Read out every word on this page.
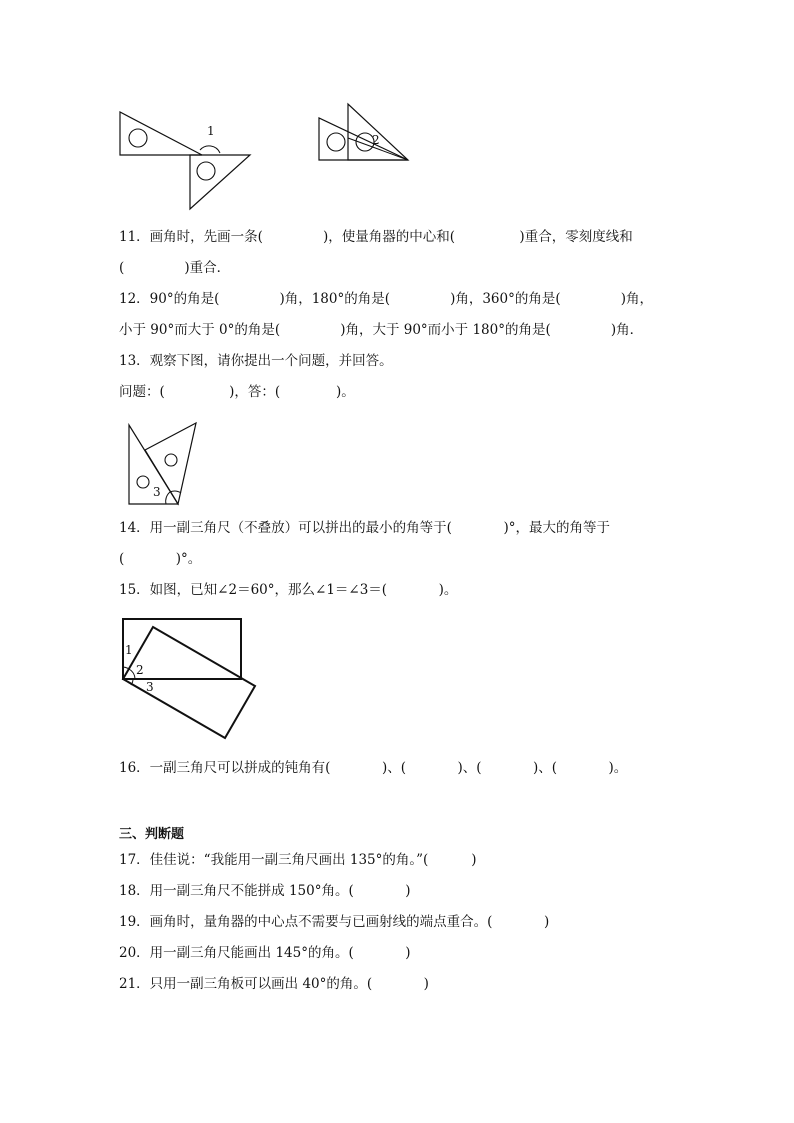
1
2
3
1
2
3
11．画角时，先画一条(              )，使量角器的中心和(               )重合，零刻度线和
(              )重合．
12．90°的角是(              )角，180°的角是(              )角，360°的角是(              )角，
小于 90°而大于 0°的角是(              )角，大于 90°而小于 180°的角是(              )角．
13．观察下图，请你提出一个问题，并回答。
问题：(               )，答：(             )。
14．用一副三角尺（不叠放）可以拼出的最小的角等于(            )°，最大的角等于
(            )°。
15．如图，已知∠2＝60°，那么∠1＝∠3＝(            )。
16．一副三角尺可以拼成的钝角有(            )、(            )、(            )、(            )。
三、判断题
17．佳佳说：“我能用一副三角尺画出 135°的角。”(          )
18．用一副三角尺不能拼成 150°角。(            )
19．画角时，量角器的中心点不需要与已画射线的端点重合。(            )
20．用一副三角尺能画出 145°的角。(            )
21．只用一副三角板可以画出 40°的角。(            )
